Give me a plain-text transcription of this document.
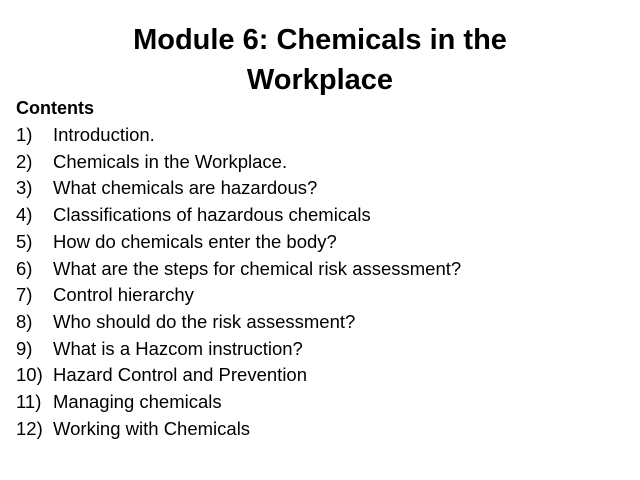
Module 6: Chemicals in the
Workplace
Contents
1)	Introduction.
2)	Chemicals in the Workplace.
3)	What chemicals are hazardous?
4)	Classifications of hazardous chemicals
5)	How do chemicals enter the body?
6)	What are the steps for chemical risk assessment?
7)	Control hierarchy
8)	Who should do the risk assessment?
9)	What is a Hazcom instruction?
10) Hazard Control and Prevention
11) Managing chemicals
12) Working with Chemicals
